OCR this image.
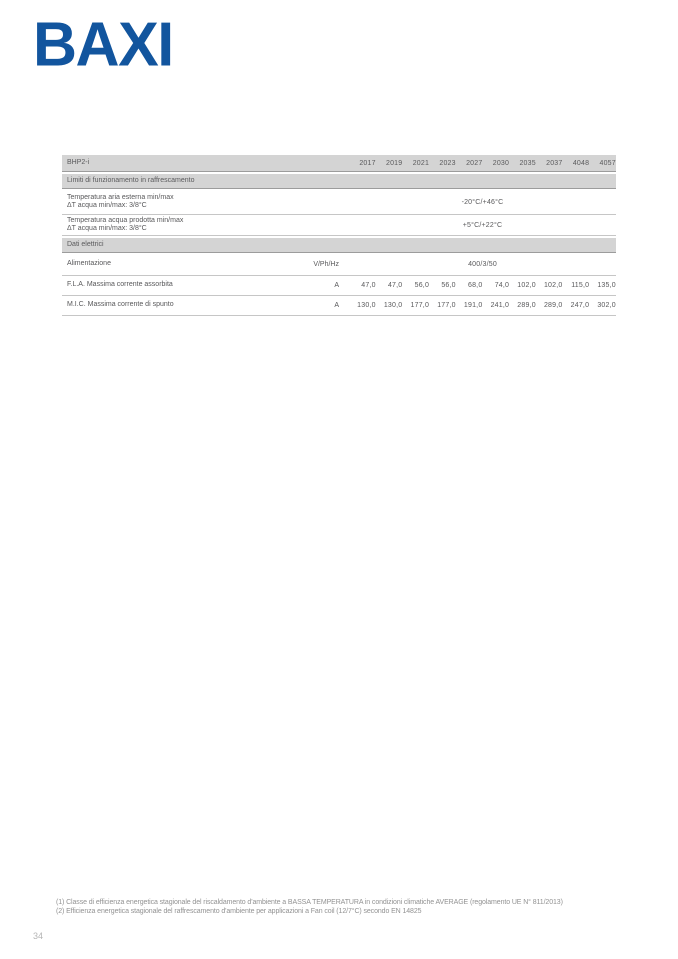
BAXI
BHP2-i	2017	2019	2021	2023	2027	2030	2035	2037	4048	4057
Limiti di funzionamento in raffrescamento
Temperatura aria esterna min/max
ΔT acqua min/max: 3/8°C	-20°C/+46°C
Temperatura acqua prodotta min/max
ΔT acqua min/max: 3/8°C	+5°C/+22°C
Dati elettrici
Alimentazione	V/Ph/Hz	400/3/50
F.L.A. Massima corrente assorbita	A	47,0	47,0	56,0	56,0	68,0	74,0	102,0	102,0	115,0	135,0
M.I.C. Massima corrente di spunto	A	130,0	130,0	177,0	177,0	191,0	241,0	289,0	289,0	247,0	302,0
(1) Classe di efficienza energetica stagionale del riscaldamento d'ambiente a BASSA TEMPERATURA in condizioni climatiche AVERAGE (regolamento UE N° 811/2013)
(2) Efficienza energetica stagionale del raffrescamento d'ambiente per applicazioni a Fan coil (12/7°C) secondo EN 14825
34
